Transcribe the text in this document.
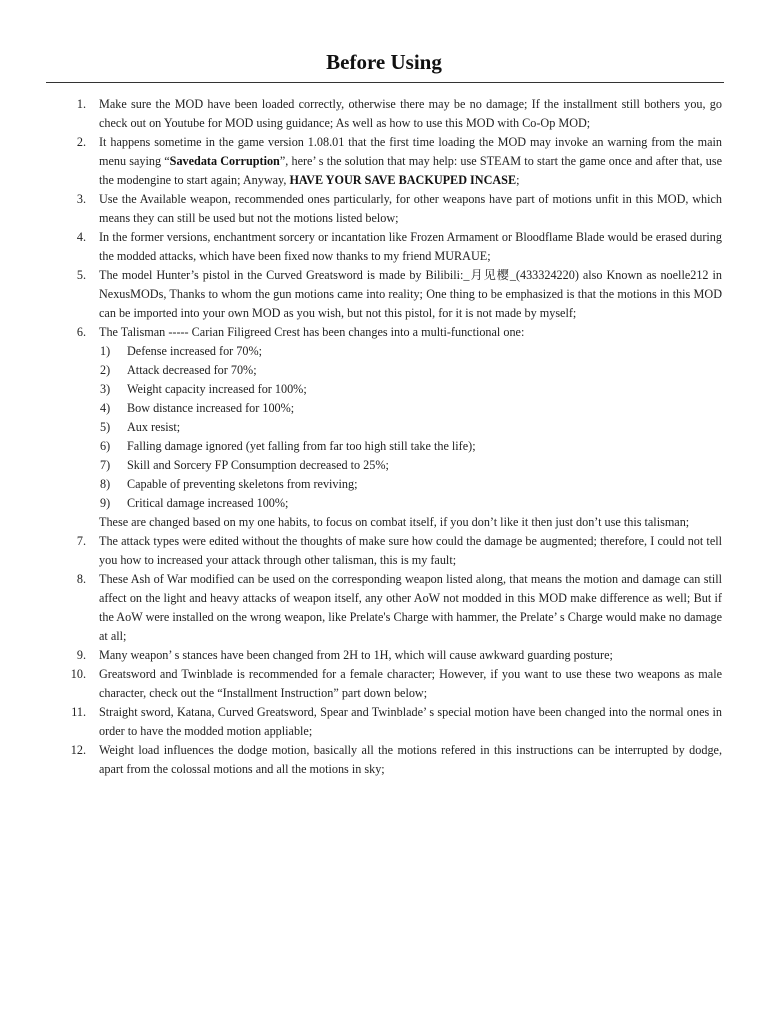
Before Using
1. Make sure the MOD have been loaded correctly, otherwise there may be no damage; If the installment still bothers you, go check out on Youtube for MOD using guidance; As well as how to use this MOD with Co-Op MOD;
2. It happens sometime in the game version 1.08.01 that the first time loading the MOD may invoke an warning from the main menu saying “Savedata Corruption”, here’ s the solution that may help: use STEAM to start the game once and after that, use the modengine to start again; Anyway, HAVE YOUR SAVE BACKUPED INCASE;
3. Use the Available weapon, recommended ones particularly, for other weapons have part of motions unfit in this MOD, which means they can still be used but not the motions listed below;
4. In the former versions, enchantment sorcery or incantation like Frozen Armament or Bloodflame Blade would be erased during the modded attacks, which have been fixed now thanks to my friend MURAUE;
5. The model Hunter’s pistol in the Curved Greatsword is made by Bilibili:_月见樱_(433324220) also Known as noelle212 in NexusMODs, Thanks to whom the gun motions came into reality; One thing to be emphasized is that the motions in this MOD can be imported into your own MOD as you wish, but not this pistol, for it is not made by myself;
6. The Talisman ----- Carian Filigreed Crest has been changes into a multi-functional one:
1) Defense increased for 70%;
2) Attack decreased for 70%;
3) Weight capacity increased for 100%;
4) Bow distance increased for 100%;
5) Aux resist;
6) Falling damage ignored (yet falling from far too high still take the life);
7) Skill and Sorcery FP Consumption decreased to 25%;
8) Capable of preventing skeletons from reviving;
9) Critical damage increased 100%;
These are changed based on my one habits, to focus on combat itself, if you don’t like it then just don’t use this talisman;
7. The attack types were edited without the thoughts of make sure how could the damage be augmented; therefore, I could not tell you how to increased your attack through other talisman, this is my fault;
8. These Ash of War modified can be used on the corresponding weapon listed along, that means the motion and damage can still affect on the light and heavy attacks of weapon itself, any other AoW not modded in this MOD make difference as well; But if the AoW were installed on the wrong weapon, like Prelate's Charge with hammer, the Prelate’ s Charge would make no damage at all;
9. Many weapon’ s stances have been changed from 2H to 1H, which will cause awkward guarding posture;
10. Greatsword and Twinblade is recommended for a female character; However, if you want to use these two weapons as male character, check out the “Installment Instruction” part down below;
11. Straight sword, Katana, Curved Greatsword, Spear and Twinblade’ s special motion have been changed into the normal ones in order to have the modded motion appliable;
12. Weight load influences the dodge motion, basically all the motions refered in this instructions can be interrupted by dodge, apart from the colossal motions and all the motions in sky;
